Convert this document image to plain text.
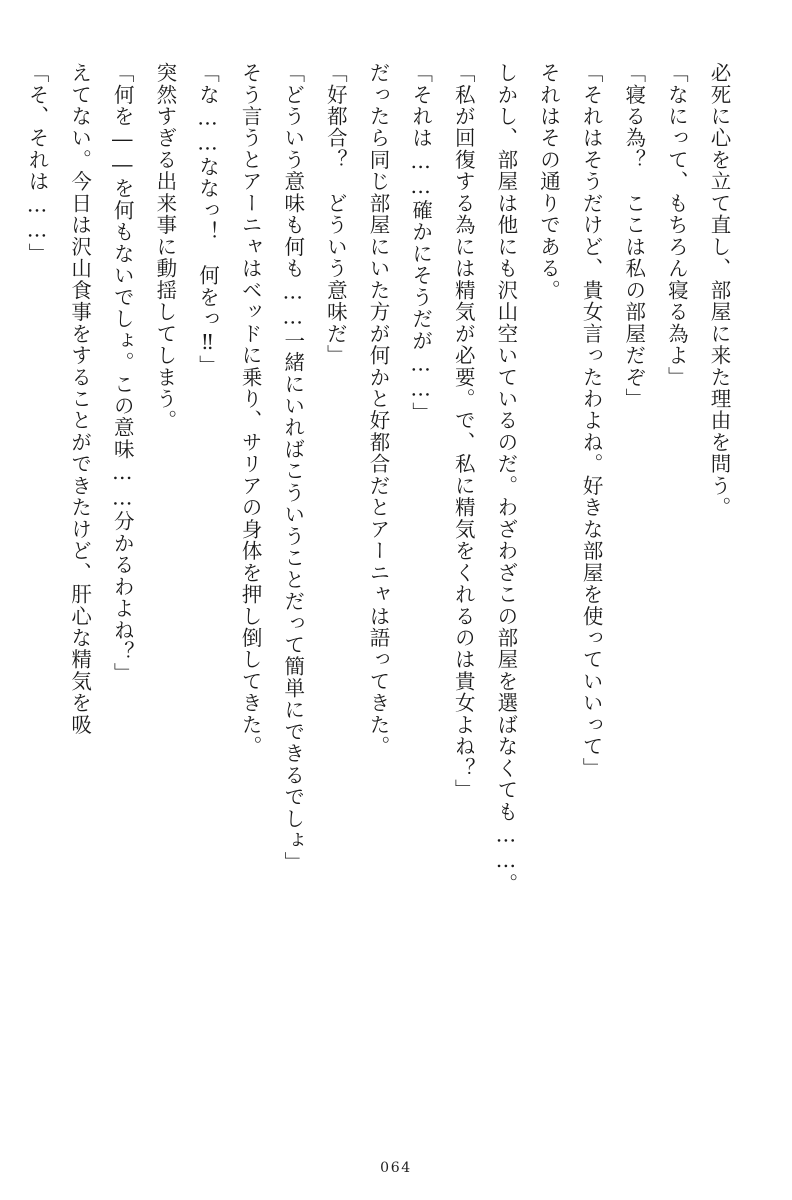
必死に心を立て直し、部屋に来た理由を問う。

「なにって、もちろん寝る為よ」

「寝る為？　ここは私の部屋だぞ」

「それはそうだけど、貴女言ったわよね。好きな部屋を使っていいって」

それはその通りである。

しかし、部屋は他にも沢山空いているのだ。わざわざこの部屋を選ばなくても……。

「私が回復する為には精気が必要。で、私に精気をくれるのは貴女よね？」

「それは……確かにそうだが……」

だったら同じ部屋にいた方が何かと好都合だとアーニャは語ってきた。

「好都合？　どういう意味だ」

「どういう意味も何も……一緒にいればこういうことだって簡単にできるでしょ」

そう言うとアーニャはベッドに乗り、サリアの身体を押し倒してきた。

「な……ななっ！　何をっ‼」

突然すぎる出来事に動揺してしまう。

「何を――を何もないでしょ。この意味……分かるわよね？」

えてない。今日は沢山食事をすることができたけど、肝心な精気を吸

「そ、それは……」

064
